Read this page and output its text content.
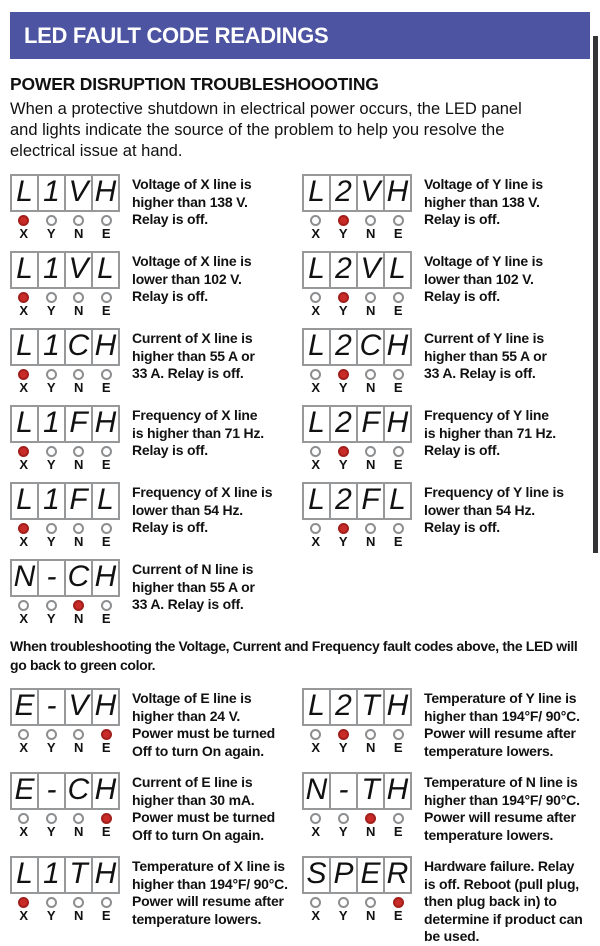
LED FAULT CODE READINGS
POWER DISRUPTION TROUBLESHOOOTING
When a protective shutdown in electrical power occurs, the LED panel
and lights indicate the source of the problem to help you resolve the
electrical issue at hand.
L 1 V H
X Y N E
Voltage of X line is
higher than 138 V.
Relay is off.
L 2 V H
X Y N E
Voltage of Y line is
higher than 138 V.
Relay is off.
L 1 V L
X Y N E
Voltage of X line is
lower than 102 V.
Relay is off.
L 2 V L
X Y N E
Voltage of Y line is
lower than 102 V.
Relay is off.
L 1 C H
X Y N E
Current of X line is
higher than 55 A or
33 A. Relay is off.
L 2 C H
X Y N E
Current of Y line is
higher than 55 A or
33 A. Relay is off.
L 1 F H
X Y N E
Frequency of X line
is higher than 71 Hz.
Relay is off.
L 2 F H
X Y N E
Frequency of Y line
is higher than 71 Hz.
Relay is off.
L 1 F L
X Y N E
Frequency of X line is
lower than 54 Hz.
Relay is off.
L 2 F L
X Y N E
Frequency of Y line is
lower than 54 Hz.
Relay is off.
N - C H
X Y N E
Current of N line is
higher than 55 A or
33 A. Relay is off.
When troubleshooting the Voltage, Current and Frequency fault codes above, the LED will
go back to green color.
E - V H
X Y N E
Voltage of E line is
higher than 24 V.
Power must be turned
Off to turn On again.
L 2 T H
X Y N E
Temperature of Y line is
higher than 194°F/ 90°C.
Power will resume after
temperature lowers.
E - C H
X Y N E
Current of E line is
higher than 30 mA.
Power must be turned
Off to turn On again.
N - T H
X Y N E
Temperature of N line is
higher than 194°F/ 90°C.
Power will resume after
temperature lowers.
L 1 T H
X Y N E
Temperature of X line is
higher than 194°F/ 90°C.
Power will resume after
temperature lowers.
S P E R
X Y N E
Hardware failure. Relay
is off. Reboot (pull plug,
then plug back in) to
determine if product can
be used.
